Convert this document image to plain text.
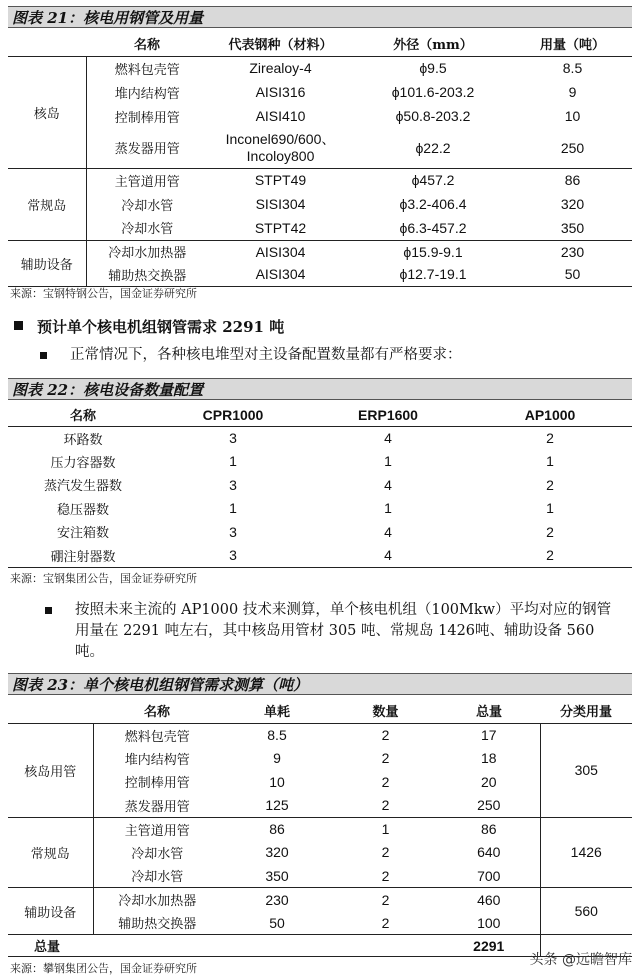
图表 21：核电用钢管及用量
	名称	代表钢种（材料）	外径（mm）	用量（吨）
核岛	燃料包壳管	Zirealoy-4	ϕ9.5	8.5
	堆内结构管	AISI316	ϕ101.6-203.2	9
	控制棒用管	AISI410	ϕ50.8-203.2	10
	蒸发器用管	Inconel690/600、Incoloy800	ϕ22.2	250
常规岛	主管道用管	STPT49	ϕ457.2	86
	冷却水管	SISI304	ϕ3.2-406.4	320
	冷却水管	STPT42	ϕ6.3-457.2	350
辅助设备	冷却水加热器	AISI304	ϕ15.9-9.1	230
	辅助热交换器	AISI304	ϕ12.7-19.1	50
来源：宝钢特钢公告，国金证券研究所
预计单个核电机组钢管需求 2291 吨
正常情况下，各种核电堆型对主设备配置数量都有严格要求：
图表 22：核电设备数量配置
名称	CPR1000	ERP1600	AP1000
环路数	3	4	2
压力容器数	1	1	1
蒸汽发生器数	3	4	2
稳压器数	1	1	1
安注箱数	3	4	2
硼注射器数	3	4	2
来源：宝钢集团公告，国金证券研究所
按照未来主流的 AP1000 技术来测算，单个核电机组（100Mkw）平均对应的钢管用量在 2291 吨左右，其中核岛用管材 305 吨、常规岛 1426吨、辅助设备 560 吨。
图表 23：单个核电机组钢管需求测算（吨）
	名称	单耗	数量	总量	分类用量
核岛用管	燃料包壳管	8.5	2	17	305
	堆内结构管	9	2	18	
	控制棒用管	10	2	20	
	蒸发器用管	125	2	250	
常规岛	主管道用管	86	1	86	1426
	冷却水管	320	2	640	
	冷却水管	350	2	700	
辅助设备	冷却水加热器	230	2	460	560
	辅助热交换器	50	2	100	
总量				2291	
来源：攀钢集团公告，国金证券研究所
头条 @远瞻智库
